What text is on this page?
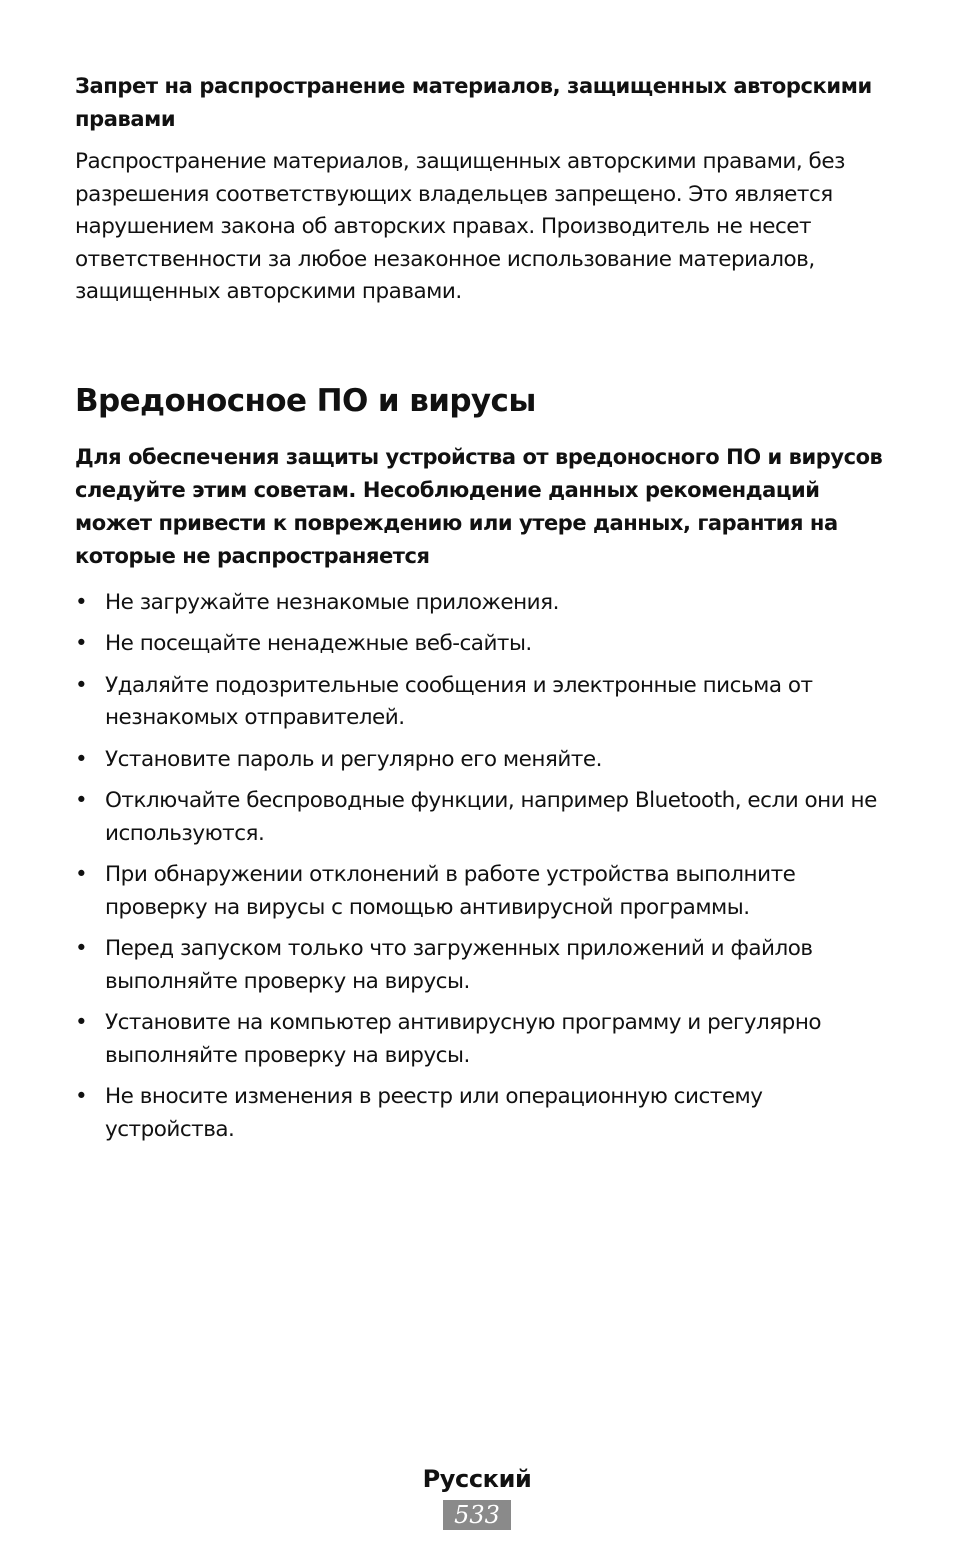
Запрет на распространение материалов, защищенных авторскими правами

Распространение материалов, защищенных авторскими правами, без разрешения соответствующих владельцев запрещено. Это является нарушением закона об авторских правах. Производитель не несет ответственности за любое незаконное использование материалов, защищенных авторскими правами.

Вредоносное ПО и вирусы

Для обеспечения защиты устройства от вредоносного ПО и вирусов следуйте этим советам. Несоблюдение данных рекомендаций может привести к повреждению или утере данных, гарантия на которые не распространяется

• Не загружайте незнакомые приложения.
• Не посещайте ненадежные веб-сайты.
• Удаляйте подозрительные сообщения и электронные письма от незнакомых отправителей.
• Установите пароль и регулярно его меняйте.
• Отключайте беспроводные функции, например Bluetooth, если они не используются.
• При обнаружении отклонений в работе устройства выполните проверку на вирусы с помощью антивирусной программы.
• Перед запуском только что загруженных приложений и файлов выполняйте проверку на вирусы.
• Установите на компьютер антивирусную программу и регулярно выполняйте проверку на вирусы.
• Не вносите изменения в реестр или операционную систему устройства.
Русский
533
